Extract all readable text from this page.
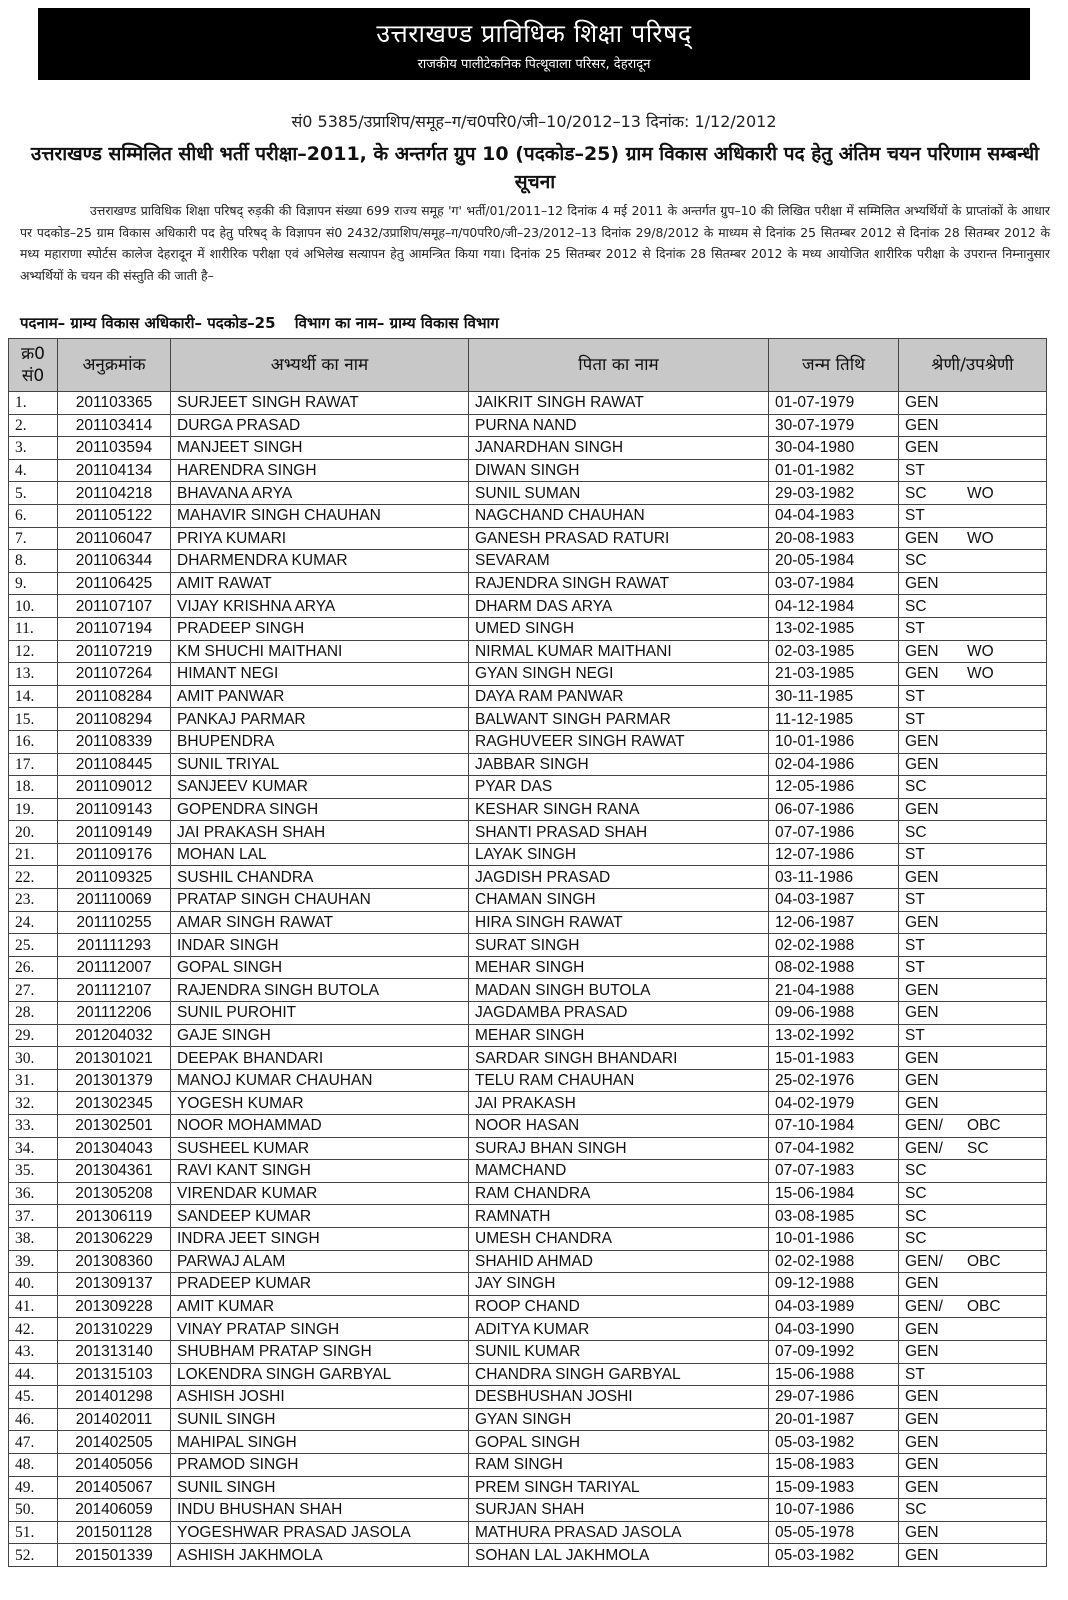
उत्तराखण्ड प्राविधिक शिक्षा परिषद्
राजकीय पालीटेकनिक पित्थूवाला परिसर, देहरादून
सं0 5385/उप्राशिप/समूह–ग/च0परि0/जी–10/2012–13 दिनांक: 1/12/2012
उत्तराखण्ड सम्मिलित सीधी भर्ती परीक्षा–2011, के अन्तर्गत ग्रुप 10 (पदकोड–25) ग्राम विकास अधिकारी पद हेतु अंतिम चयन परिणाम सम्बन्धी सूचना
उत्तराखण्ड प्राविधिक शिक्षा परिषद् रुड़की की विज्ञापन संख्या 699 राज्य समूह 'ग' भर्ती/01/2011–12 दिनांक 4 मई 2011 के अन्तर्गत ग्रुप–10 की लिखित परीक्षा में सम्मिलित अभ्यर्थियों के प्राप्तांकों के आधार पर पदकोड–25 ग्राम विकास अधिकारी पद हेतु परिषद् के विज्ञापन सं0 2432/उप्राशिप/समूह–ग/प0परि0/जी–23/2012–13 दिनांक 29/8/2012 के माध्यम से दिनांक 25 सितम्बर 2012 से दिनांक 28 सितम्बर 2012 के मध्य महाराणा स्पोर्टस कालेज देहरादून में शारीरिक परीक्षा एवं अभिलेख सत्यापन हेतु आमन्त्रित किया गया। दिनांक 25 सितम्बर 2012 से दिनांक 28 सितम्बर 2012 के मध्य आयोजित शारीरिक परीक्षा के उपरान्त निम्नानुसार अभ्यर्थियों के चयन की संस्तुति की जाती है–
पदनाम– ग्राम्य विकास अधिकारी– पदकोड–25 विभाग का नाम– ग्राम्य विकास विभाग
क्र0 सं0	अनुक्रमांक	अभ्यर्थी का नाम	पिता का नाम	जन्म तिथि	श्रेणी/उपश्रेणी
1.	201103365	SURJEET SINGH RAWAT	JAIKRIT SINGH RAWAT	01-07-1979	GEN
2.	201103414	DURGA PRASAD	PURNA NAND	30-07-1979	GEN
3.	201103594	MANJEET SINGH	JANARDHAN SINGH	30-04-1980	GEN
4.	201104134	HARENDRA SINGH	DIWAN SINGH	01-01-1982	ST
5.	201104218	BHAVANA ARYA	SUNIL SUMAN	29-03-1982	SC WO
6.	201105122	MAHAVIR SINGH CHAUHAN	NAGCHAND CHAUHAN	04-04-1983	ST
7.	201106047	PRIYA KUMARI	GANESH PRASAD RATURI	20-08-1983	GEN WO
8.	201106344	DHARMENDRA KUMAR	SEVARAM	20-05-1984	SC
9.	201106425	AMIT RAWAT	RAJENDRA SINGH RAWAT	03-07-1984	GEN
10.	201107107	VIJAY KRISHNA ARYA	DHARM DAS ARYA	04-12-1984	SC
11.	201107194	PRADEEP SINGH	UMED SINGH	13-02-1985	ST
12.	201107219	KM SHUCHI MAITHANI	NIRMAL KUMAR MAITHANI	02-03-1985	GEN WO
13.	201107264	HIMANT NEGI	GYAN SINGH NEGI	21-03-1985	GEN WO
14.	201108284	AMIT PANWAR	DAYA RAM PANWAR	30-11-1985	ST
15.	201108294	PANKAJ PARMAR	BALWANT SINGH PARMAR	11-12-1985	ST
16.	201108339	BHUPENDRA	RAGHUVEER SINGH RAWAT	10-01-1986	GEN
17.	201108445	SUNIL TRIYAL	JABBAR SINGH	02-04-1986	GEN
18.	201109012	SANJEEV KUMAR	PYAR DAS	12-05-1986	SC
19.	201109143	GOPENDRA SINGH	KESHAR SINGH RANA	06-07-1986	GEN
20.	201109149	JAI PRAKASH SHAH	SHANTI PRASAD SHAH	07-07-1986	SC
21.	201109176	MOHAN LAL	LAYAK SINGH	12-07-1986	ST
22.	201109325	SUSHIL CHANDRA	JAGDISH PRASAD	03-11-1986	GEN
23.	201110069	PRATAP SINGH CHAUHAN	CHAMAN SINGH	04-03-1987	ST
24.	201110255	AMAR SINGH RAWAT	HIRA SINGH RAWAT	12-06-1987	GEN
25.	201111293	INDAR SINGH	SURAT SINGH	02-02-1988	ST
26.	201112007	GOPAL SINGH	MEHAR SINGH	08-02-1988	ST
27.	201112107	RAJENDRA SINGH BUTOLA	MADAN SINGH BUTOLA	21-04-1988	GEN
28.	201112206	SUNIL PUROHIT	JAGDAMBA PRASAD	09-06-1988	GEN
29.	201204032	GAJE SINGH	MEHAR SINGH	13-02-1992	ST
30.	201301021	DEEPAK BHANDARI	SARDAR SINGH BHANDARI	15-01-1983	GEN
31.	201301379	MANOJ KUMAR CHAUHAN	TELU RAM CHAUHAN	25-02-1976	GEN
32.	201302345	YOGESH KUMAR	JAI PRAKASH	04-02-1979	GEN
33.	201302501	NOOR MOHAMMAD	NOOR HASAN	07-10-1984	GEN/ OBC
34.	201304043	SUSHEEL KUMAR	SURAJ BHAN SINGH	07-04-1982	GEN/ SC
35.	201304361	RAVI KANT SINGH	MAMCHAND	07-07-1983	SC
36.	201305208	VIRENDAR KUMAR	RAM CHANDRA	15-06-1984	SC
37.	201306119	SANDEEP KUMAR	RAMNATH	03-08-1985	SC
38.	201306229	INDRA JEET SINGH	UMESH CHANDRA	10-01-1986	SC
39.	201308360	PARWAJ ALAM	SHAHID AHMAD	02-02-1988	GEN/ OBC
40.	201309137	PRADEEP KUMAR	JAY SINGH	09-12-1988	GEN
41.	201309228	AMIT KUMAR	ROOP CHAND	04-03-1989	GEN/ OBC
42.	201310229	VINAY PRATAP SINGH	ADITYA KUMAR	04-03-1990	GEN
43.	201313140	SHUBHAM PRATAP SINGH	SUNIL KUMAR	07-09-1992	GEN
44.	201315103	LOKENDRA SINGH GARBYAL	CHANDRA SINGH GARBYAL	15-06-1988	ST
45.	201401298	ASHISH JOSHI	DESBHUSHAN JOSHI	29-07-1986	GEN
46.	201402011	SUNIL SINGH	GYAN SINGH	20-01-1987	GEN
47.	201402505	MAHIPAL SINGH	GOPAL SINGH	05-03-1982	GEN
48.	201405056	PRAMOD SINGH	RAM SINGH	15-08-1983	GEN
49.	201405067	SUNIL SINGH	PREM SINGH TARIYAL	15-09-1983	GEN
50.	201406059	INDU BHUSHAN SHAH	SURJAN SHAH	10-07-1986	SC
51.	201501128	YOGESHWAR PRASAD JASOLA	MATHURA PRASAD JASOLA	05-05-1978	GEN
52.	201501339	ASHISH JAKHMOLA	SOHAN LAL JAKHMOLA	05-03-1982	GEN
